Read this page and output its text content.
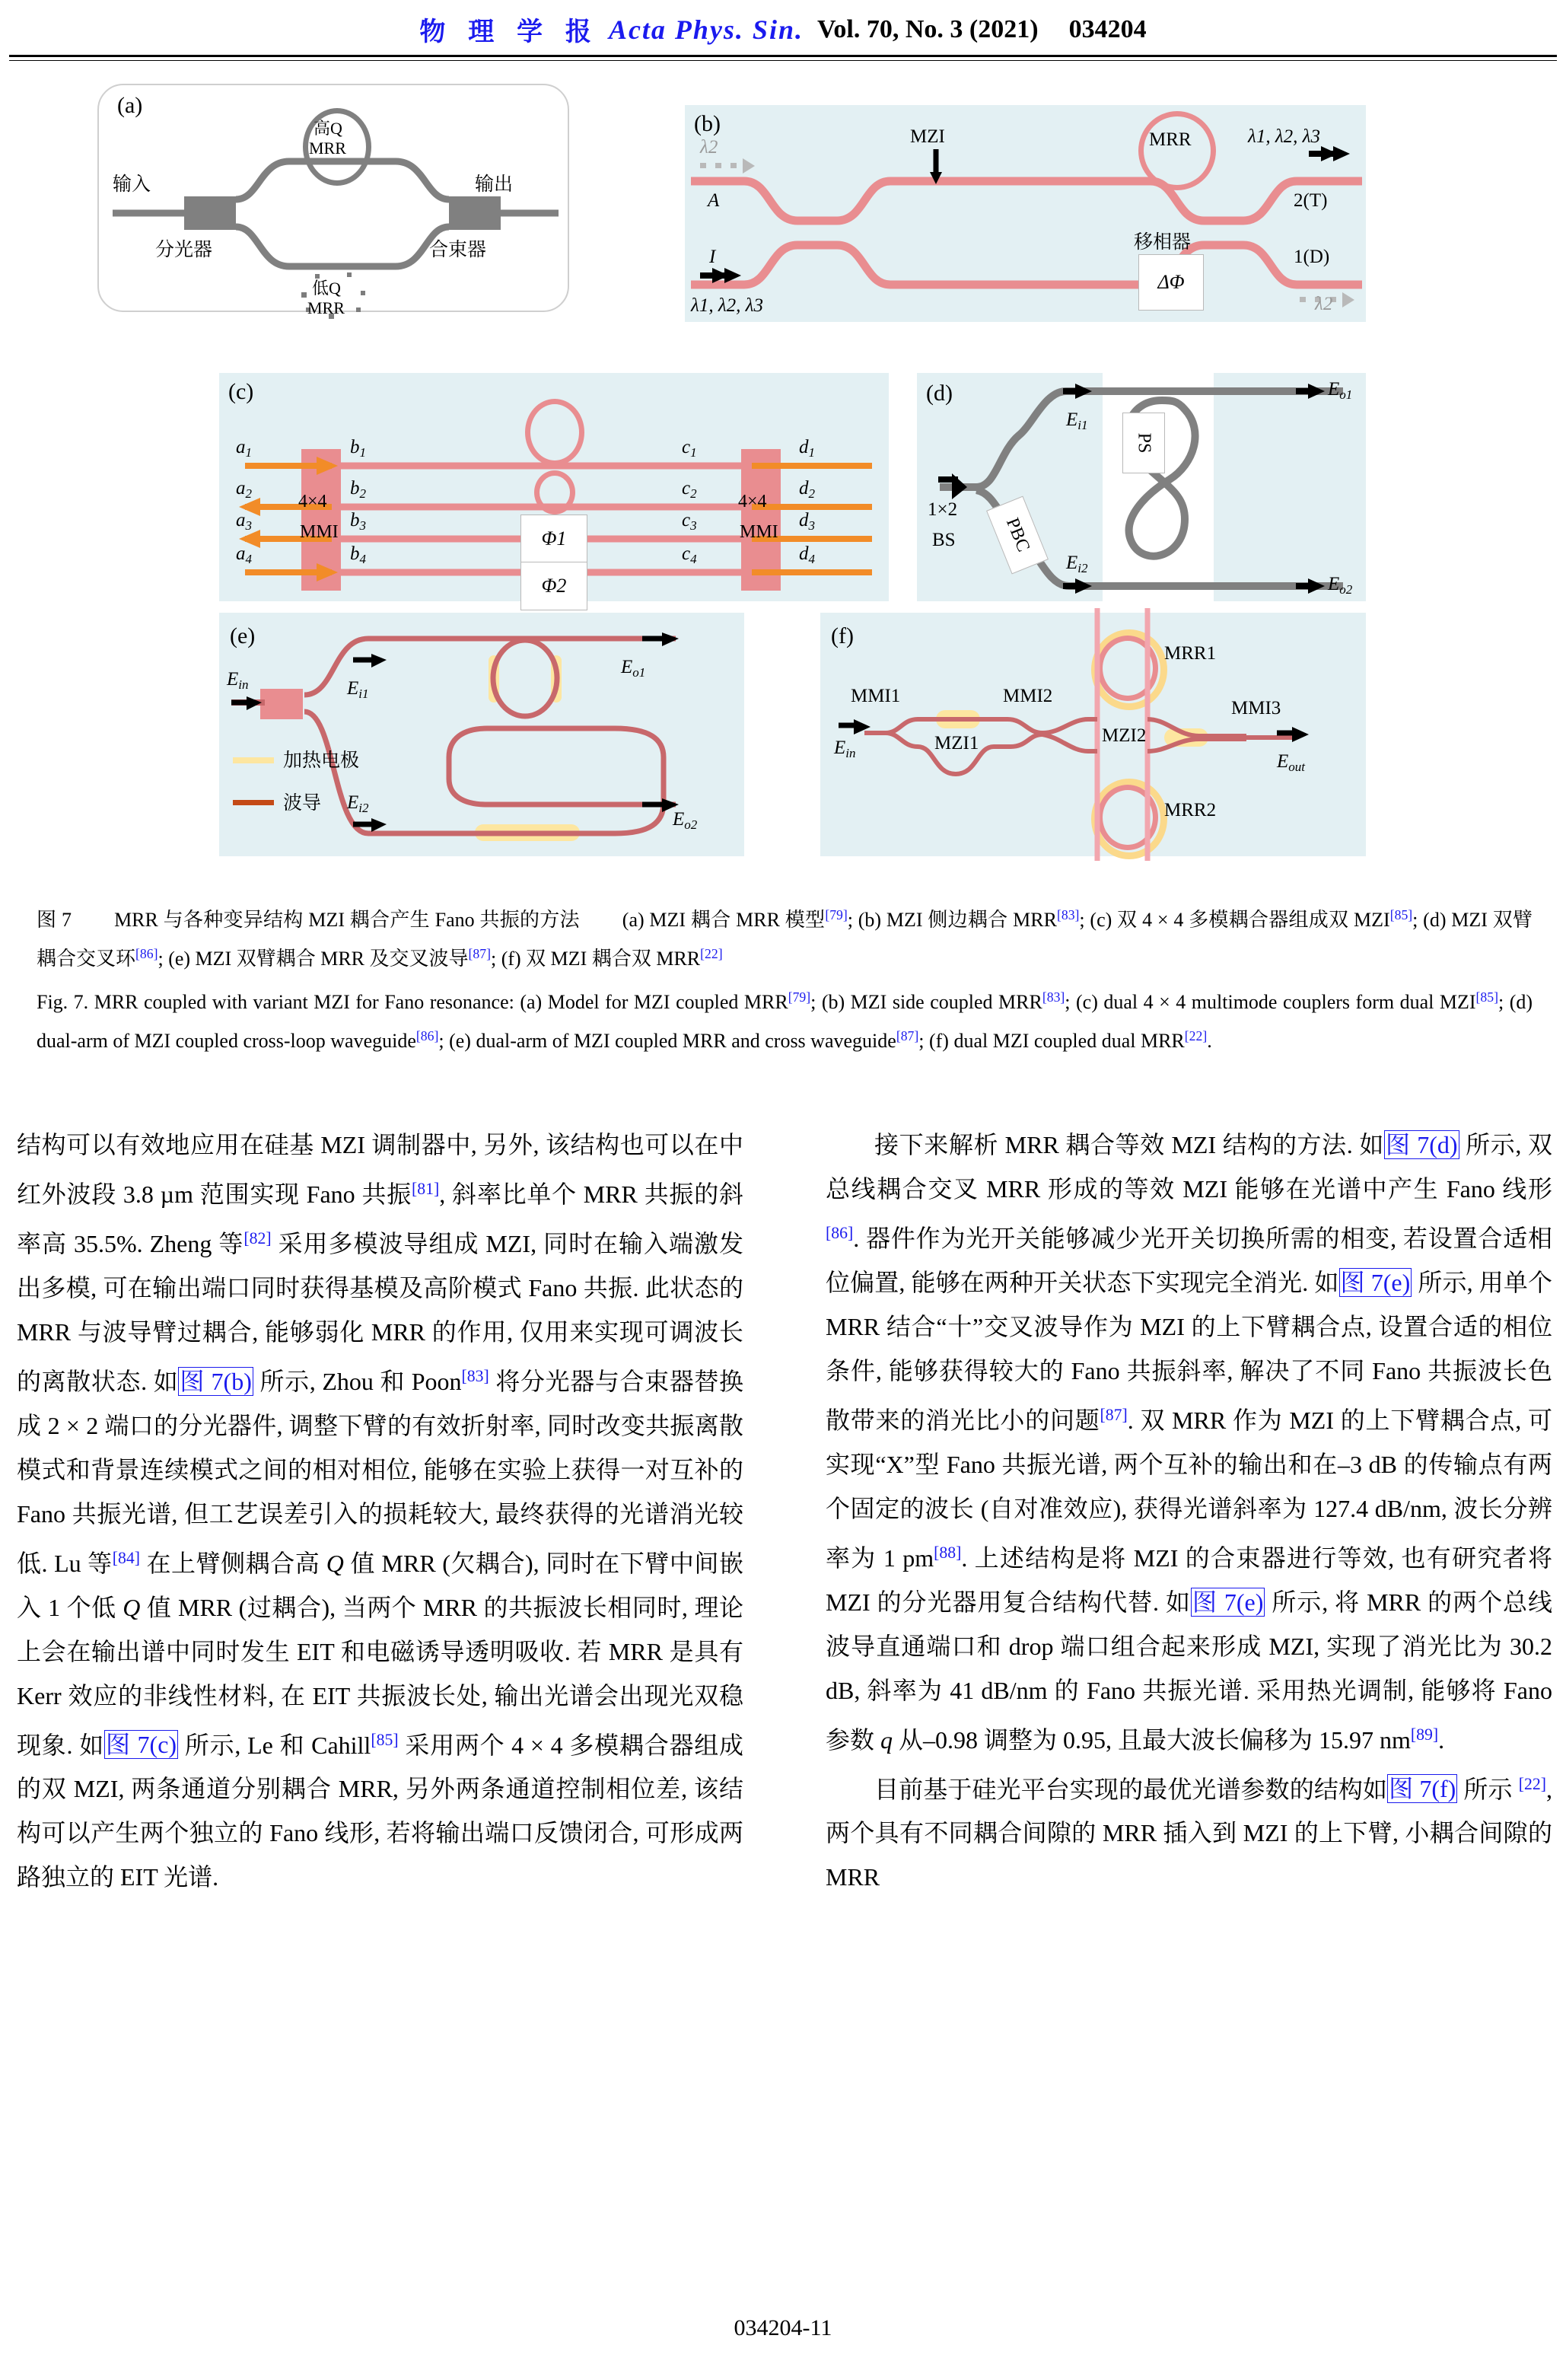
物 理 学 报 Acta Phys. Sin. Vol. 70, No. 3 (2021) 034204
(a)
高Q
MRR
低Q
MRR
输入	输出
分光器	合束器
(b)
MRR
MZI
ΔΦ
移相器
λ2
A
I
λ1, λ2, λ3
λ1, λ2, λ3
2(T)
1(D)
λ2
(c)
4×4
MMI
4×4
MMI
Φ1
Φ2
$a_1$
$a_2$
$a_3$
$a_4$
$b_1$
$b_2$
$b_3$
$b_4$
$c_1$
$c_2$
$c_3$
$c_4$
$d_1$
$d_2$
$d_3$
$d_4$
(d)
PS
PBC
1×2
BS
$E_{i1}$
$E_{i2}$
$E_{o1}$
$E_{o2}$
(e)
$E_{in}$	$E_{i1}$
$E_{i2}$
$E_{o1}$
$E_{o2}$
加热电极
波导
(f)
MMI1	MMI2
MMI3
MZI1	MZI2
MRR1
MRR2
$E_{in}$	$E_{out}$
图 7 MRR 与各种变异结构 MZI 耦合产生 Fano 共振的方法 (a) MZI 耦合 MRR 模型[79]; (b) MZI 侧边耦合 MRR[83]; (c) 双 4 × 4 多模耦合器组成双 MZI[85]; (d) MZI 双臂耦合交叉环[86]; (e) MZI 双臂耦合 MRR 及交叉波导[87]; (f) 双 MZI 耦合双 MRR[22]
Fig. 7. MRR coupled with variant MZI for Fano resonance: (a) Model for MZI coupled MRR[79]; (b) MZI side coupled MRR[83]; (c) dual 4 × 4 multimode couplers form dual MZI[85]; (d) dual-arm of MZI coupled cross-loop waveguide[86]; (e) dual-arm of MZI coupled MRR and cross waveguide[87]; (f) dual MZI coupled dual MRR[22].

结构可以有效地应用在硅基 MZI 调制器中, 另外, 该结构也可以在中红外波段 3.8 µm 范围实现 Fano 共振[81], 斜率比单个 MRR 共振的斜率高 35.5%. Zheng 等[82] 采用多模波导组成 MZI, 同时在输入端激发出多模, 可在输出端口同时获得基模及高阶模式 Fano 共振. 此状态的 MRR 与波导臂过耦合, 能够弱化 MRR 的作用, 仅用来实现可调波长的离散状态. 如图 7(b) 所示, Zhou 和 Poon[83] 将分光器与合束器替换成 2 × 2 端口的分光器件, 调整下臂的有效折射率, 同时改变共振离散模式和背景连续模式之间的相对相位, 能够在实验上获得一对互补的 Fano 共振光谱, 但工艺误差引入的损耗较大, 最终获得的光谱消光较低. Lu 等[84] 在上臂侧耦合高 Q 值 MRR (欠耦合), 同时在下臂中间嵌入 1 个低 Q 值 MRR (过耦合), 当两个 MRR 的共振波长相同时, 理论上会在输出谱中同时发生 EIT 和电磁诱导透明吸收. 若 MRR 是具有 Kerr 效应的非线性材料, 在 EIT 共振波长处, 输出光谱会出现光双稳现象. 如图 7(c) 所示, Le 和 Cahill[85] 采用两个 4 × 4 多模耦合器组成的双 MZI, 两条通道分别耦合 MRR, 另外两条通道控制相位差, 该结构可以产生两个独立的 Fano 线形, 若将输出端口反馈闭合, 可形成两路独立的 EIT 光谱.

接下来解析 MRR 耦合等效 MZI 结构的方法. 如图 7(d) 所示, 双总线耦合交叉 MRR 形成的等效 MZI 能够在光谱中产生 Fano 线形[86]. 器件作为光开关能够减少光开关切换所需的相变, 若设置合适相位偏置, 能够在两种开关状态下实现完全消光. 如图 7(e) 所示, 用单个 MRR 结合“十”交叉波导作为 MZI 的上下臂耦合点, 设置合适的相位条件, 能够获得较大的 Fano 共振斜率, 解决了不同 Fano 共振波长色散带来的消光比小的问题[87]. 双 MRR 作为 MZI 的上下臂耦合点, 可实现“X”型 Fano 共振光谱, 两个互补的输出和在–3 dB 的传输点有两个固定的波长 (自对准效应), 获得光谱斜率为 127.4 dB/nm, 波长分辨率为 1 pm[88]. 上述结构是将 MZI 的合束器进行等效, 也有研究者将 MZI 的分光器用复合结构代替. 如图 7(e) 所示, 将 MRR 的两个总线波导直通端口和 drop 端口组合起来形成 MZI, 实现了消光比为 30.2 dB, 斜率为 41 dB/nm 的 Fano 共振光谱. 采用热光调制, 能够将 Fano 参数 q 从–0.98 调整为 0.95, 且最大波长偏移为 15.97 nm[89].

目前基于硅光平台实现的最优光谱参数的结构如图 7(f) 所示 [22], 两个具有不同耦合间隙的 MRR 插入到 MZI 的上下臂, 小耦合间隙的 MRR

034204-11
